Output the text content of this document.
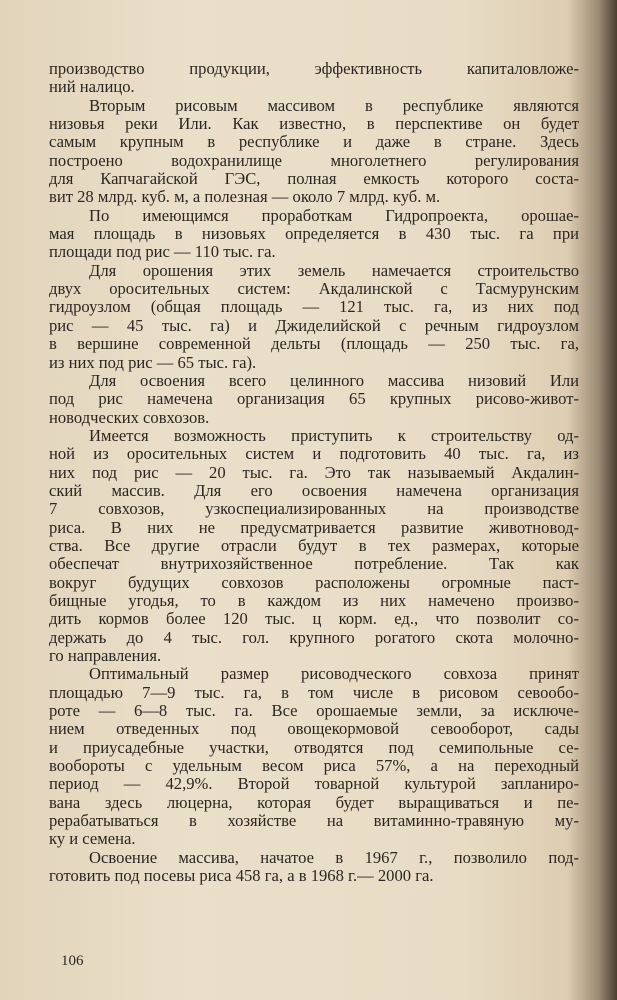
производство продукции, эффективность капиталовложе-
ний налицо.

Вторым рисовым массивом в республике являются
низовья реки Или. Как известно, в перспективе он будет
самым крупным в республике и даже в стране. Здесь
построено водохранилище многолетнего регулирования
для Капчагайской ГЭС, полная емкость которого соста-
вит 28 млрд. куб. м, а полезная — около 7 млрд. куб. м.

По имеющимся проработкам Гидропроекта, орошае-
мая площадь в низовьях определяется в 430 тыс. га при
площади под рис — 110 тыс. га.

Для орошения этих земель намечается строительство
двух оросительных систем: Акдалинской с Тасмурунским
гидроузлом (общая площадь — 121 тыс. га, из них под
рис — 45 тыс. га) и Джиделийской с речным гидроузлом
в вершине современной дельты (площадь — 250 тыс. га,
из них под рис — 65 тыс. га).

Для освоения всего целинного массива низовий Или
под рис намечена организация 65 крупных рисово-живот-
новодческих совхозов.

Имеется возможность приступить к строительству од-
ной из оросительных систем и подготовить 40 тыс. га, из
них под рис — 20 тыс. га. Это так называемый Акдалин-
ский массив. Для его освоения намечена организация
7 совхозов, узкоспециализированных на производстве
риса. В них не предусматривается развитие животновод-
ства. Все другие отрасли будут в тех размерах, которые
обеспечат внутрихозяйственное потребление. Так как
вокруг будущих совхозов расположены огромные паст-
бищные угодья, то в каждом из них намечено произво-
дить кормов более 120 тыс. ц корм. ед., что позволит со-
держать до 4 тыс. гол. крупного рогатого скота молочно-
го направления.

Оптимальный размер рисоводческого совхоза принят
площадью 7—9 тыс. га, в том числе в рисовом севообо-
роте — 6—8 тыс. га. Все орошаемые земли, за исключе-
нием отведенных под овощекормовой севооборот, сады
и приусадебные участки, отводятся под семипольные се-
вообороты с удельным весом риса 57%, а на переходный
период — 42,9%. Второй товарной культурой запланиро-
вана здесь люцерна, которая будет выращиваться и пе-
рерабатываться в хозяйстве на витаминно-травяную му-
ку и семена.

Освоение массива, начатое в 1967 г., позволило под-
готовить под посевы риса 458 га, а в 1968 г.— 2000 га.

106
